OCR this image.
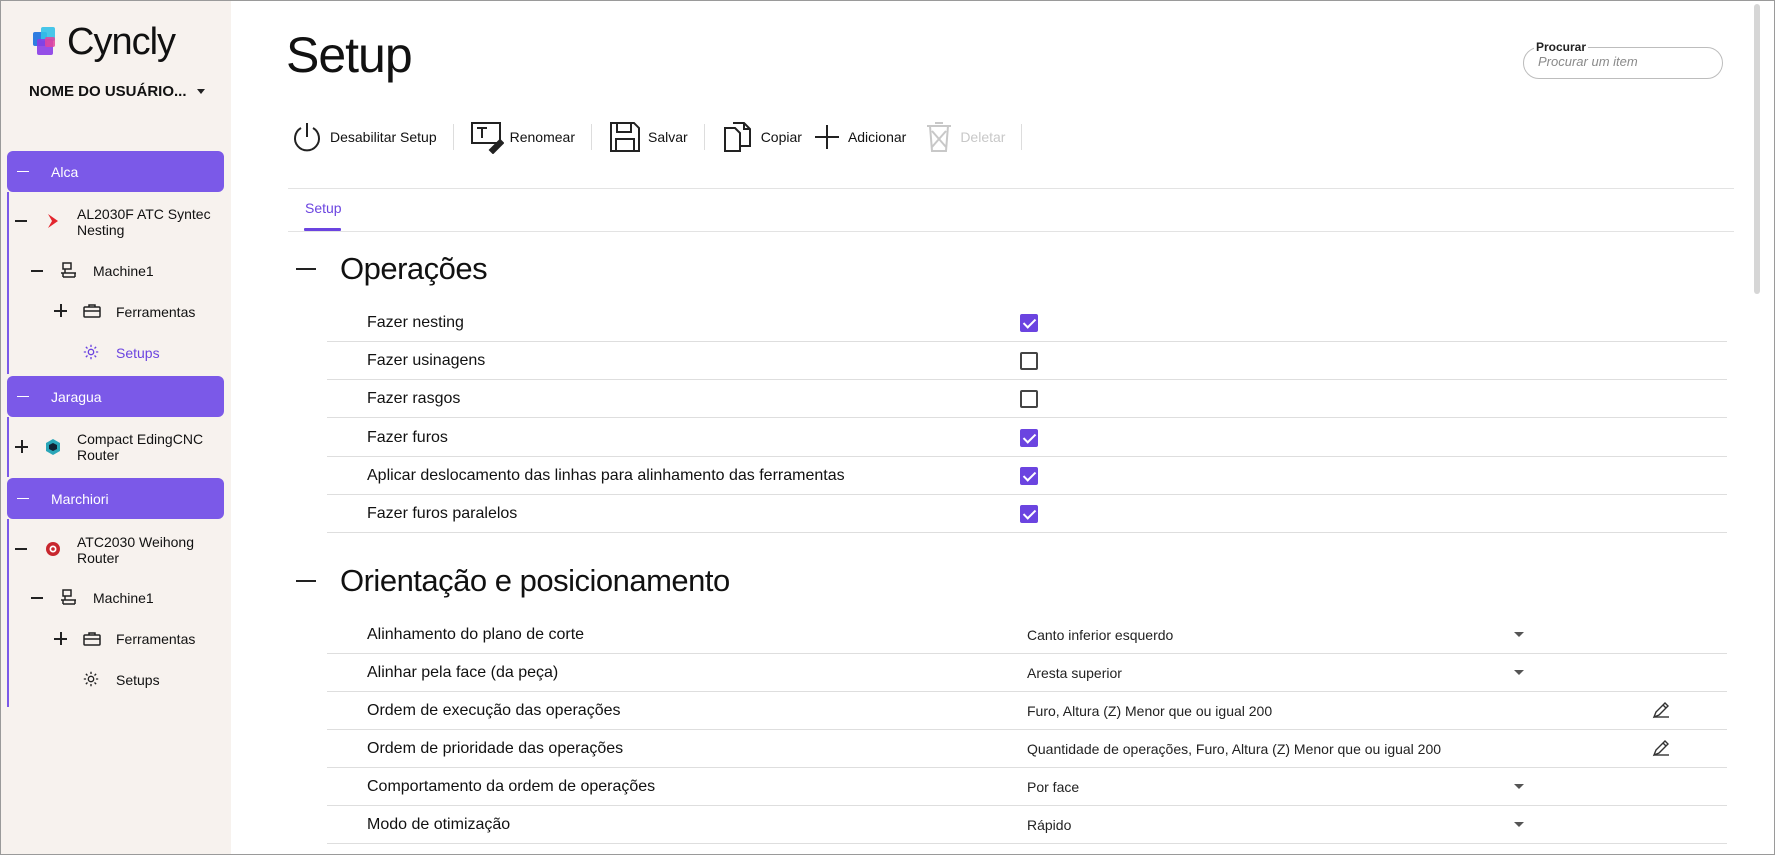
Cyncly
NOME DO USUÁRIO...
Alca
AL2030F ATC Syntec Nesting
Machine1
Ferramentas
Setups
Jaragua
Compact EdingCNC Router
Marchiori
ATC2030 Weihong Router
Machine1
Ferramentas
Setups
Setup
Procurar um item	Procurar
Desabilitar Setup	Renomear	Salvar	Copiar	Adicionar	Deletar
Setup
Operações
Fazer nesting
Fazer usinagens
Fazer rasgos
Fazer furos
Aplicar deslocamento das linhas para alinhamento das ferramentas
Fazer furos paralelos
Orientação e posicionamento
Alinhamento do plano de corte	Canto inferior esquerdo
Alinhar pela face (da peça)	Aresta superior
Ordem de execução das operações	Furo, Altura (Z) Menor que ou igual 200
Ordem de prioridade das operações	Quantidade de operações, Furo, Altura (Z) Menor que ou igual 200
Comportamento da ordem de operações	Por face
Modo de otimização	Rápido
